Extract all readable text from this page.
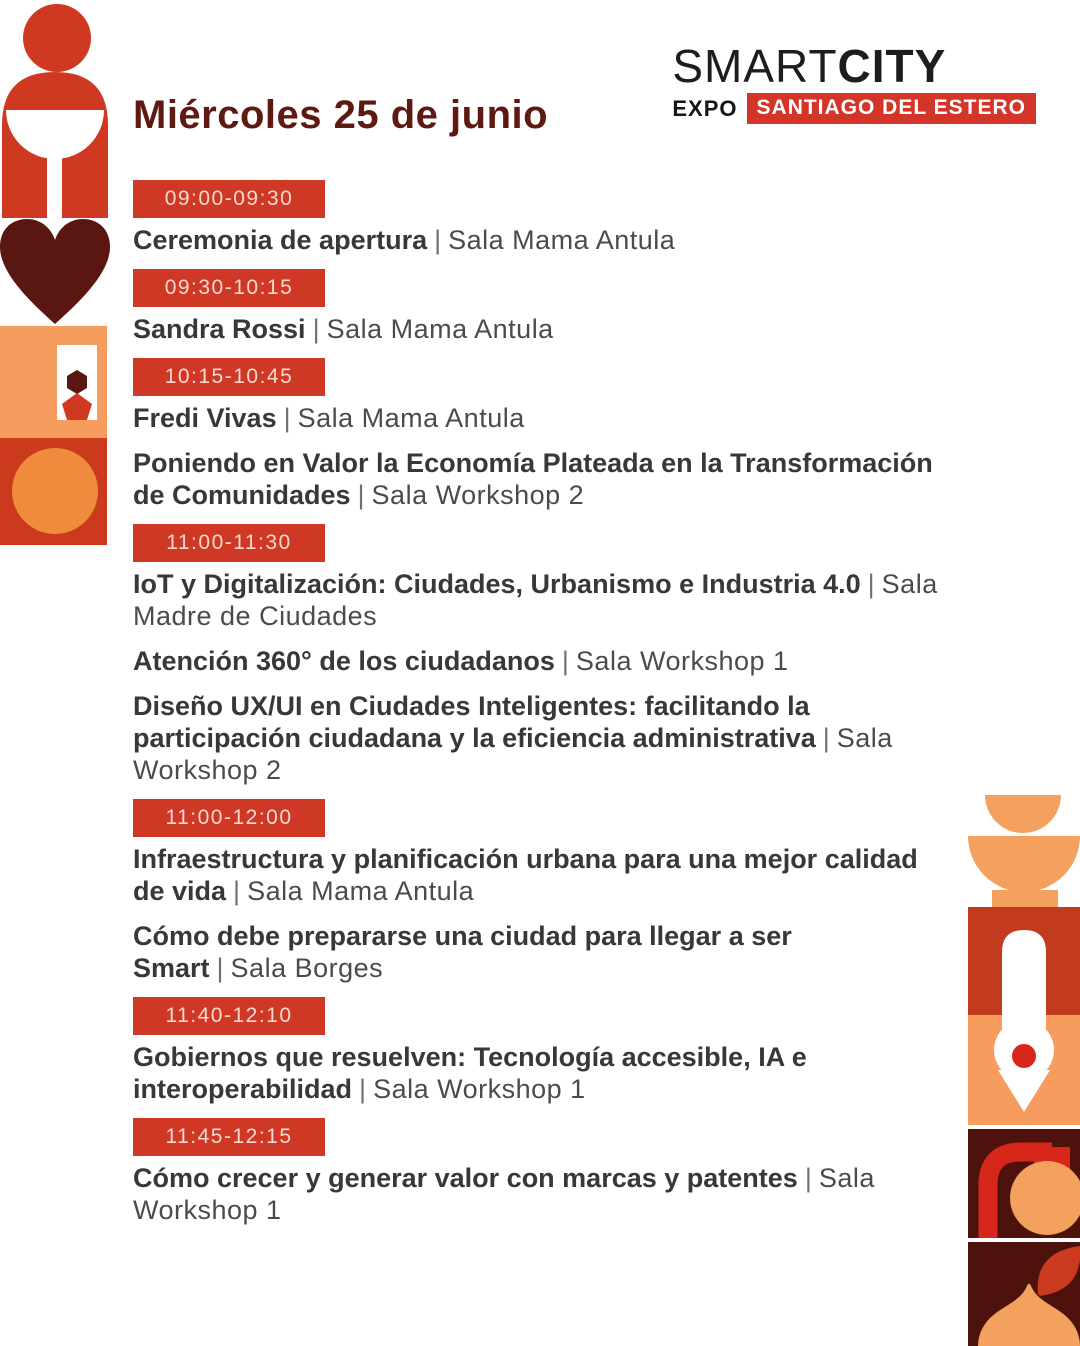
Miércoles 25 de junio
SMARTCITY
EXPO SANTIAGO DEL ESTERO
09:00-09:30
Ceremonia de apertura | Sala Mama Antula
09:30-10:15
Sandra Rossi | Sala Mama Antula
10:15-10:45
Fredi Vivas | Sala Mama Antula
Poniendo en Valor la Economía Plateada en la Transformación de Comunidades | Sala Workshop 2
11:00-11:30
IoT y Digitalización: Ciudades, Urbanismo e Industria 4.0 | Sala Madre de Ciudades
Atención 360° de los ciudadanos | Sala Workshop 1
Diseño UX/UI en Ciudades Inteligentes: facilitando la participación ciudadana y la eficiencia administrativa | Sala Workshop 2
11:00-12:00
Infraestructura y planificación urbana para una mejor calidad de vida | Sala Mama Antula
Cómo debe prepararse una ciudad para llegar a ser Smart | Sala Borges
11:40-12:10
Gobiernos que resuelven: Tecnología accesible, IA e interoperabilidad | Sala Workshop 1
11:45-12:15
Cómo crecer y generar valor con marcas y patentes | Sala Workshop 1
